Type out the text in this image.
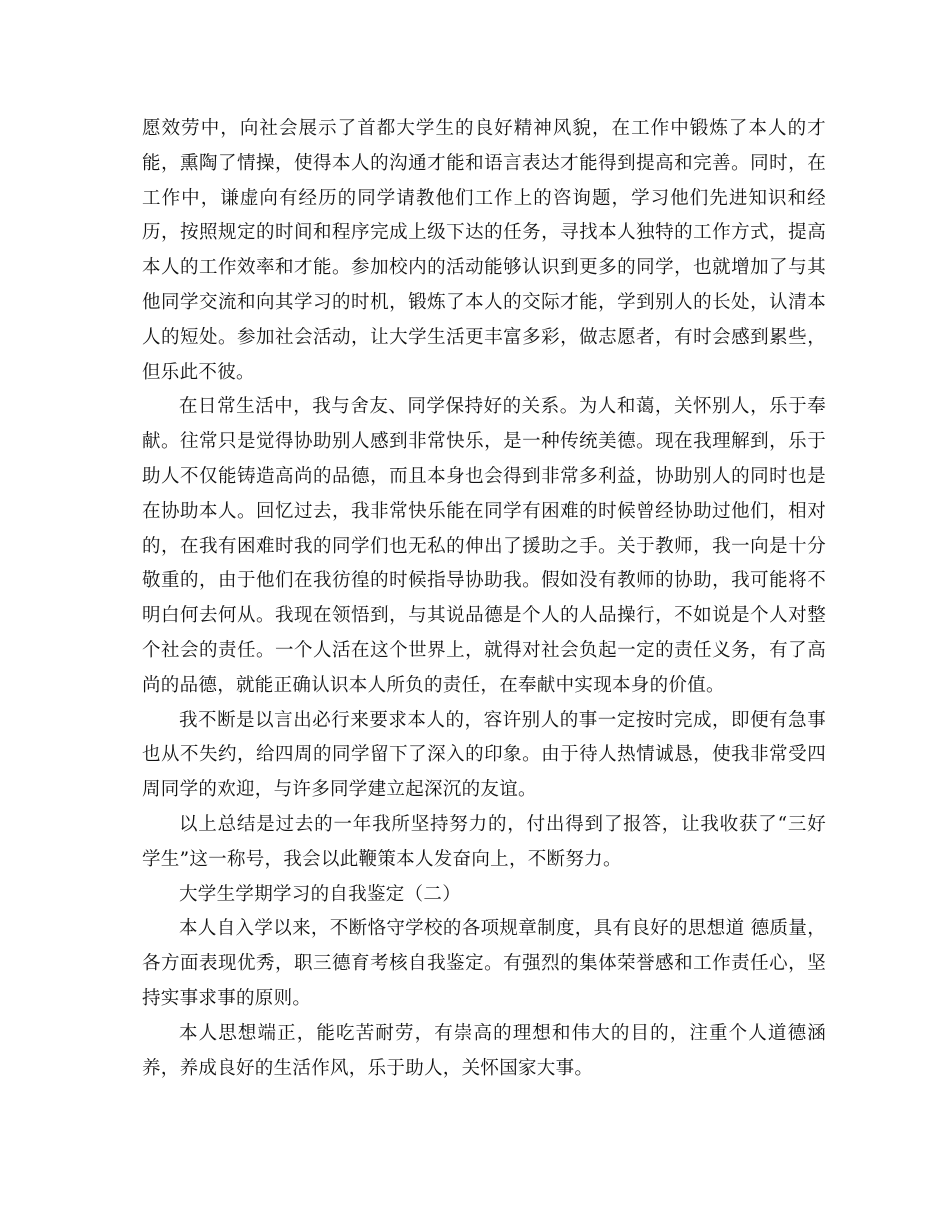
愿效劳中，向社会展示了首都大学生的良好精神风貌，在工作中锻炼了本人的才能，熏陶了情操，使得本人的沟通才能和语言表达才能得到提高和完善。同时，在工作中，谦虚向有经历的同学请教他们工作上的咨询题，学习他们先进知识和经历，按照规定的时间和程序完成上级下达的任务，寻找本人独特的工作方式，提高本人的工作效率和才能。参加校内的活动能够认识到更多的同学，也就增加了与其他同学交流和向其学习的时机，锻炼了本人的交际才能，学到别人的长处，认清本人的短处。参加社会活动，让大学生活更丰富多彩，做志愿者，有时会感到累些，但乐此不彼。

在日常生活中，我与舍友、同学保持好的关系。为人和蔼，关怀别人，乐于奉献。往常只是觉得协助别人感到非常快乐，是一种传统美德。现在我理解到，乐于助人不仅能铸造高尚的品德，而且本身也会得到非常多利益，协助别人的同时也是在协助本人。回忆过去，我非常快乐能在同学有困难的时候曾经协助过他们，相对的，在我有困难时我的同学们也无私的伸出了援助之手。关于教师，我一向是十分敬重的，由于他们在我彷徨的时候指导协助我。假如没有教师的协助，我可能将不明白何去何从。我现在领悟到，与其说品德是个人的人品操行，不如说是个人对整个社会的责任。一个人活在这个世界上，就得对社会负起一定的责任义务，有了高尚的品德，就能正确认识本人所负的责任，在奉献中实现本身的价值。

我不断是以言出必行来要求本人的，容许别人的事一定按时完成，即便有急事也从不失约，给四周的同学留下了深入的印象。由于待人热情诚恳，使我非常受四周同学的欢迎，与许多同学建立起深沉的友谊。

以上总结是过去的一年我所坚持努力的，付出得到了报答，让我收获了“三好学生”这一称号，我会以此鞭策本人发奋向上，不断努力。

大学生学期学习的自我鉴定（二）

本人自入学以来，不断恪守学校的各项规章制度，具有良好的思想道 德质量，各方面表现优秀，职三德育考核自我鉴定。有强烈的集体荣誉感和工作责任心，坚持实事求事的原则。

本人思想端正，能吃苦耐劳，有崇高的理想和伟大的目的，注重个人道德涵养，养成良好的生活作风，乐于助人，关怀国家大事。
